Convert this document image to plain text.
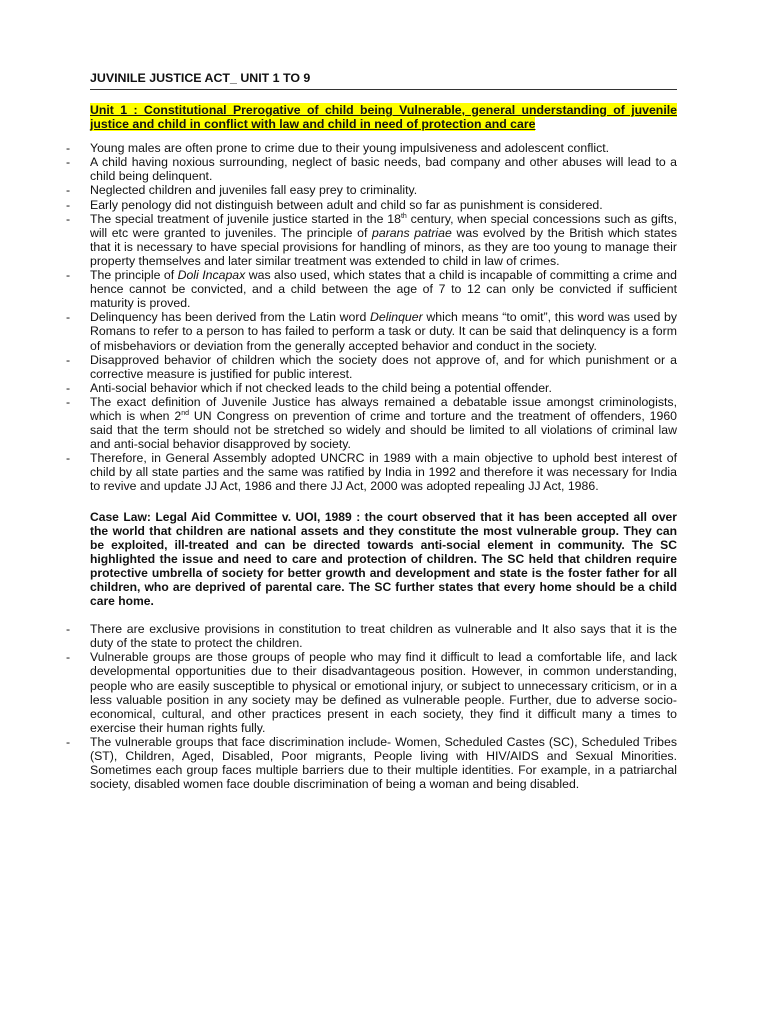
JUVINILE JUSTICE ACT_ UNIT 1 TO 9

Unit 1 : Constitutional Prerogative of child being Vulnerable, general understanding of juvenile justice and child in conflict with law and child in need of protection and care

- Young males are often prone to crime due to their young impulsiveness and adolescent conflict.
- A child having noxious surrounding, neglect of basic needs, bad company and other abuses will lead to a child being delinquent.
- Neglected children and juveniles fall easy prey to criminality.
- Early penology did not distinguish between adult and child so far as punishment is considered.
- The special treatment of juvenile justice started in the 18th century, when special concessions such as gifts, will etc were granted to juveniles. The principle of parans patriae was evolved by the British which states that it is necessary to have special provisions for handling of minors, as they are too young to manage their property themselves and later similar treatment was extended to child in law of crimes.
- The principle of Doli Incapax was also used, which states that a child is incapable of committing a crime and hence cannot be convicted, and a child between the age of 7 to 12 can only be convicted if sufficient maturity is proved.
- Delinquency has been derived from the Latin word Delinquer which means “to omit”, this word was used by Romans to refer to a person to has failed to perform a task or duty. It can be said that delinquency is a form of misbehaviors or deviation from the generally accepted behavior and conduct in the society.
- Disapproved behavior of children which the society does not approve of, and for which punishment or a corrective measure is justified for public interest.
- Anti-social behavior which if not checked leads to the child being a potential offender.
- The exact definition of Juvenile Justice has always remained a debatable issue amongst criminologists, which is when 2nd UN Congress on prevention of crime and torture and the treatment of offenders, 1960 said that the term should not be stretched so widely and should be limited to all violations of criminal law and anti-social behavior disapproved by society.
- Therefore, in General Assembly adopted UNCRC in 1989 with a main objective to uphold best interest of child by all state parties and the same was ratified by India in 1992 and therefore it was necessary for India to revive and update JJ Act, 1986 and there JJ Act, 2000 was adopted repealing JJ Act, 1986.

Case Law: Legal Aid Committee v. UOI, 1989 : the court observed that it has been accepted all over the world that children are national assets and they constitute the most vulnerable group. They can be exploited, ill-treated and can be directed towards anti-social element in community. The SC highlighted the issue and need to care and protection of children. The SC held that children require protective umbrella of society for better growth and development and state is the foster father for all children, who are deprived of parental care. The SC further states that every home should be a child care home.

- There are exclusive provisions in constitution to treat children as vulnerable and It also says that it is the duty of the state to protect the children.
- Vulnerable groups are those groups of people who may find it difficult to lead a comfortable life, and lack developmental opportunities due to their disadvantageous position. However, in common understanding, people who are easily susceptible to physical or emotional injury, or subject to unnecessary criticism, or in a less valuable position in any society may be defined as vulnerable people. Further, due to adverse socio-economical, cultural, and other practices present in each society, they find it difficult many a times to exercise their human rights fully.
- The vulnerable groups that face discrimination include- Women, Scheduled Castes (SC), Scheduled Tribes (ST), Children, Aged, Disabled, Poor migrants, People living with HIV/AIDS and Sexual Minorities. Sometimes each group faces multiple barriers due to their multiple identities. For example, in a patriarchal society, disabled women face double discrimination of being a woman and being disabled.
